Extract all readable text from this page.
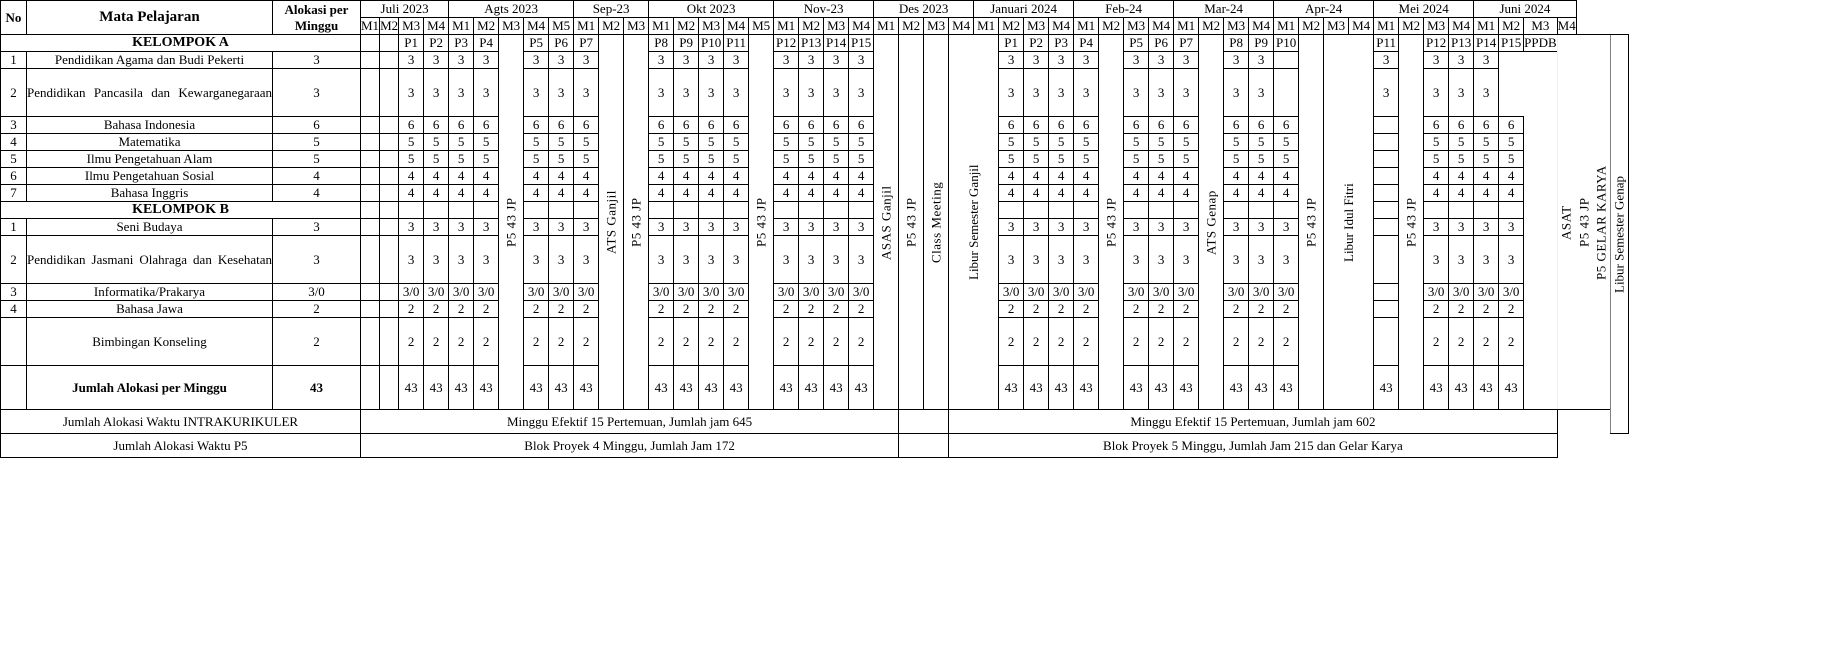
No	Mata Pelajaran	Alokasi per Minggu	Juli 2023				Agts 2023					Sep-23			Okt 2023					Nov-23				Des 2023				Januari 2024				Feb-24				Mar-24				Apr-24				Mei 2024				Juni 2024						
			M1	M2	M3	M4	M1	M2	M3	M4	M5	M1	M2	M3	M1	M2	M3	M4	M5	M1	M2	M3	M4	M1	M2	M3	M4	M1	M2	M3	M4	M1	M2	M3	M4	M1	M2	M3	M4	M1	M2	M3	M4	M1	M2	M3	M4	M1	M2	M3	M4			
KELOMPOK A					P1	P2	P3	P4	P5 43 JP	P5	P6	P7	ATS Ganjil	P5 43 JP	P8	P9	P10	P11	P5 43 JP	P12	P13	P14	P15	ASAS Ganjil	P5 43 JP	Class Meeting	Libur Semester Ganjil		P1	P2	P3	P4	P5 43 JP	P5	P6	P7	ATS Genap	P8	P9	P10	P5 43 JP	Libur Idul Fitri		P11	P5 43 JP	P12	P13	P14	P15	PPDB	ASAT	P5 43 JP	P5 GELAR KARYA	Libur Semester Genap
1	Pendidikan Agama dan Budi Pekerti	3			3	3	3	3		3	3	3			3	3	3	3		3	3	3	3						3	3	3	3		3	3	3		3	3					3		3	3	3						
2	Pendidikan Pancasila dan Kewarganegaraan	3			3	3	3	3		3	3	3			3	3	3	3		3	3	3	3						3	3	3	3		3	3	3		3	3					3		3	3	3						
3	Bahasa Indonesia	6			6	6	6	6		6	6	6			6	6	6	6		6	6	6	6						6	6	6	6		6	6	6		6	6	6						6	6	6	6					
4	Matematika	5			5	5	5	5		5	5	5			5	5	5	5		5	5	5	5						5	5	5	5		5	5	5		5	5	5						5	5	5	5					
5	Ilmu Pengetahuan Alam	5			5	5	5	5		5	5	5			5	5	5	5		5	5	5	5						5	5	5	5		5	5	5		5	5	5						5	5	5	5					
6	Ilmu Pengetahuan Sosial	4			4	4	4	4		4	4	4			4	4	4	4		4	4	4	4						4	4	4	4		4	4	4		4	4	4						4	4	4	4					
7	Bahasa Inggris	4			4	4	4	4		4	4	4			4	4	4	4		4	4	4	4						4	4	4	4		4	4	4		4	4	4						4	4	4	4					
KELOMPOK B																																																						
1	Seni Budaya	3			3	3	3	3		3	3	3			3	3	3	3		3	3	3	3						3	3	3	3		3	3	3		3	3	3						3	3	3	3					
2	Pendidikan Jasmani Olahraga dan Kesehatan	3			3	3	3	3		3	3	3			3	3	3	3		3	3	3	3						3	3	3	3		3	3	3		3	3	3						3	3	3	3					
3	Informatika/Prakarya	3/0			3/0	3/0	3/0	3/0		3/0	3/0	3/0			3/0	3/0	3/0	3/0		3/0	3/0	3/0	3/0						3/0	3/0	3/0	3/0		3/0	3/0	3/0		3/0	3/0	3/0						3/0	3/0	3/0	3/0					
4	Bahasa Jawa	2			2	2	2	2		2	2	2			2	2	2	2		2	2	2	2						2	2	2	2		2	2	2		2	2	2						2	2	2	2					
	Bimbingan Konseling	2			2	2	2	2		2	2	2			2	2	2	2		2	2	2	2						2	2	2	2		2	2	2		2	2	2						2	2	2	2					
	Jumlah Alokasi per Minggu	43			43	43	43	43		43	43	43			43	43	43	43		43	43	43	43						43	43	43	43		43	43	43		43	43	43				43		43	43	43	43					
Jumlah Alokasi Waktu INTRAKURIKULER			Minggu Efektif 15 Pertemuan, Jumlah jam 645																								Minggu Efektif 15 Pertemuan, Jumlah jam 602																											
Jumlah Alokasi Waktu P5			Blok Proyek 4 Minggu, Jumlah Jam 172																								Blok Proyek 5 Minggu, Jumlah Jam 215 dan Gelar Karya																											
